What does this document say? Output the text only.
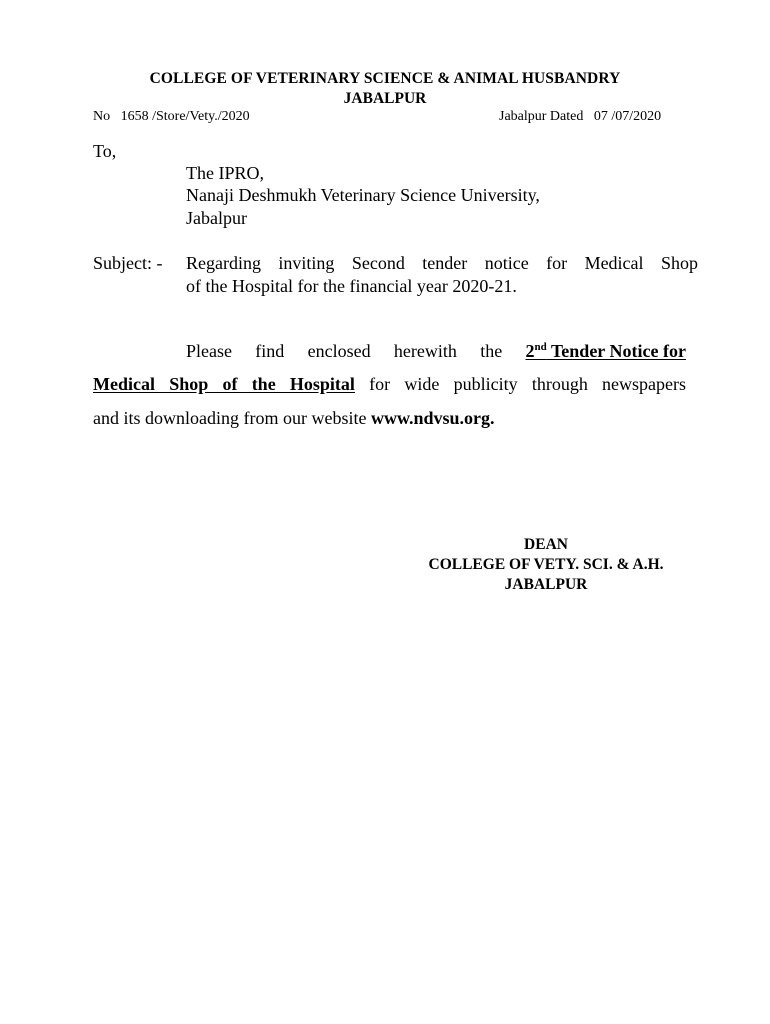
COLLEGE OF VETERINARY SCIENCE & ANIMAL HUSBANDRY
JABALPUR
No   1658 /Store/Vety./2020	Jabalpur Dated   07 /07/2020
To,
The IPRO,
Nanaji Deshmukh Veterinary Science University,
Jabalpur
Subject: - Regarding inviting Second tender notice for Medical Shop
of the Hospital for the financial year 2020-21.
Please find enclosed herewith the 2nd Tender Notice for
Medical Shop of the Hospital for wide publicity through newspapers
and its downloading from our website www.ndvsu.org.
DEAN
COLLEGE OF VETY. SCI. & A.H.
JABALPUR
